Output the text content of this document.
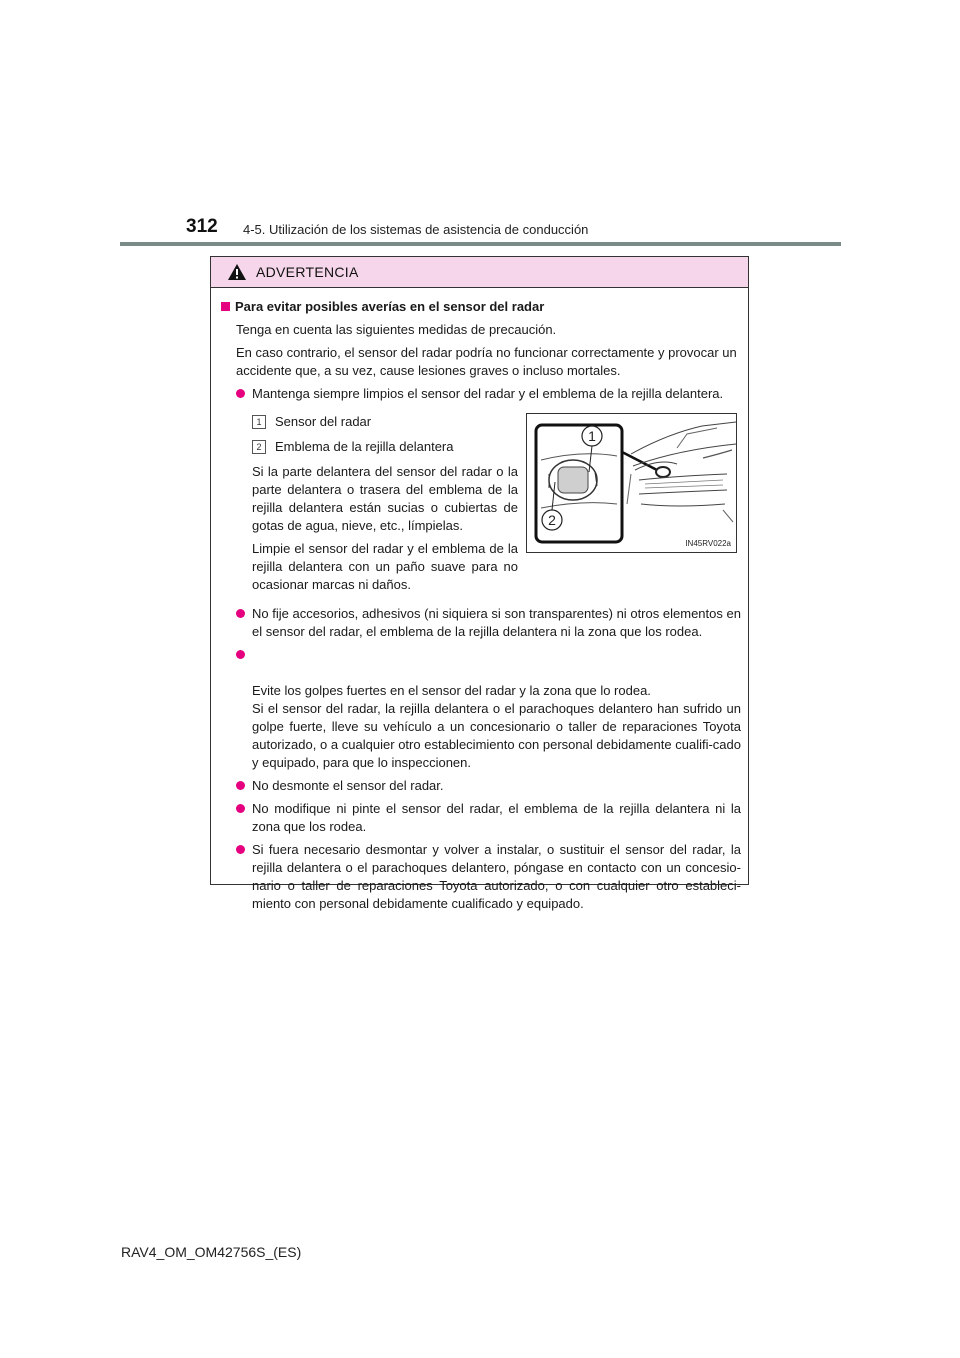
312 4-5. Utilización de los sistemas de asistencia de conducción
ADVERTENCIA
Para evitar posibles averías en el sensor del radar
Tenga en cuenta las siguientes medidas de precaución.
En caso contrario, el sensor del radar podría no funcionar correctamente y provocar un accidente que, a su vez, cause lesiones graves o incluso mortales.
Mantenga siempre limpios el sensor del radar y el emblema de la rejilla delantera.
1	Sensor del radar
2	Emblema de la rejilla delantera
Si la parte delantera del sensor del radar o la parte delantera o trasera del emblema de la rejilla delantera están sucias o cubiertas de gotas de agua, nieve, etc., límpielas.
Limpie el sensor del radar y el emblema de la rejilla delantera con un paño suave para no ocasionar marcas ni daños.
1
2
IN45RV022a
No fije accesorios, adhesivos (ni siquiera si son transparentes) ni otros elementos en el sensor del radar, el emblema de la rejilla delantera ni la zona que los rodea.

Evite los golpes fuertes en el sensor del radar y la zona que lo rodea.
Si el sensor del radar, la rejilla delantera o el parachoques delantero han sufrido un golpe fuerte, lleve su vehículo a un concesionario o taller de reparaciones Toyota autorizado, o a cualquier otro establecimiento con personal debidamente cualifi-cado y equipado, para que lo inspeccionen.

No desmonte el sensor del radar.
No modifique ni pinte el sensor del radar, el emblema de la rejilla delantera ni la zona que los rodea.
Si fuera necesario desmontar y volver a instalar, o sustituir el sensor del radar, la rejilla delantera o el parachoques delantero, póngase en contacto con un concesio-nario o taller de reparaciones Toyota autorizado, o con cualquier otro estableci-miento con personal debidamente cualificado y equipado.
RAV4_OM_OM42756S_(ES)
